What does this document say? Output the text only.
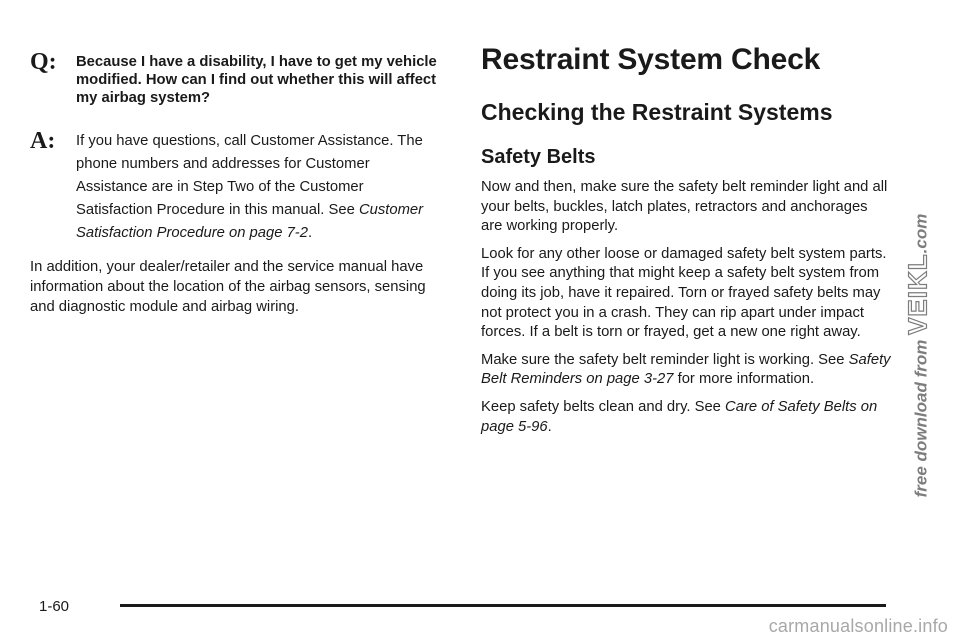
Q:	Because I have a disability, I have to get my vehicle modified. How can I find out whether this will affect my airbag system?
A:	If you have questions, call Customer Assistance. The phone numbers and addresses for Customer Assistance are in Step Two of the Customer Satisfaction Procedure in this manual. See Customer Satisfaction Procedure on page 7-2.

In addition, your dealer/retailer and the service manual have information about the location of the airbag sensors, sensing and diagnostic module and airbag wiring.

Restraint System Check
Checking the Restraint Systems
Safety Belts

Now and then, make sure the safety belt reminder light and all your belts, buckles, latch plates, retractors and anchorages are working properly.

Look for any other loose or damaged safety belt system parts. If you see anything that might keep a safety belt system from doing its job, have it repaired. Torn or frayed safety belts may not protect you in a crash. They can rip apart under impact forces. If a belt is torn or frayed, get a new one right away.

Make sure the safety belt reminder light is working. See Safety Belt Reminders on page 3-27 for more information.

Keep safety belts clean and dry. See Care of Safety Belts on page 5-96.

1-60
free download from VEIKL.com
carmanualsonline.info
